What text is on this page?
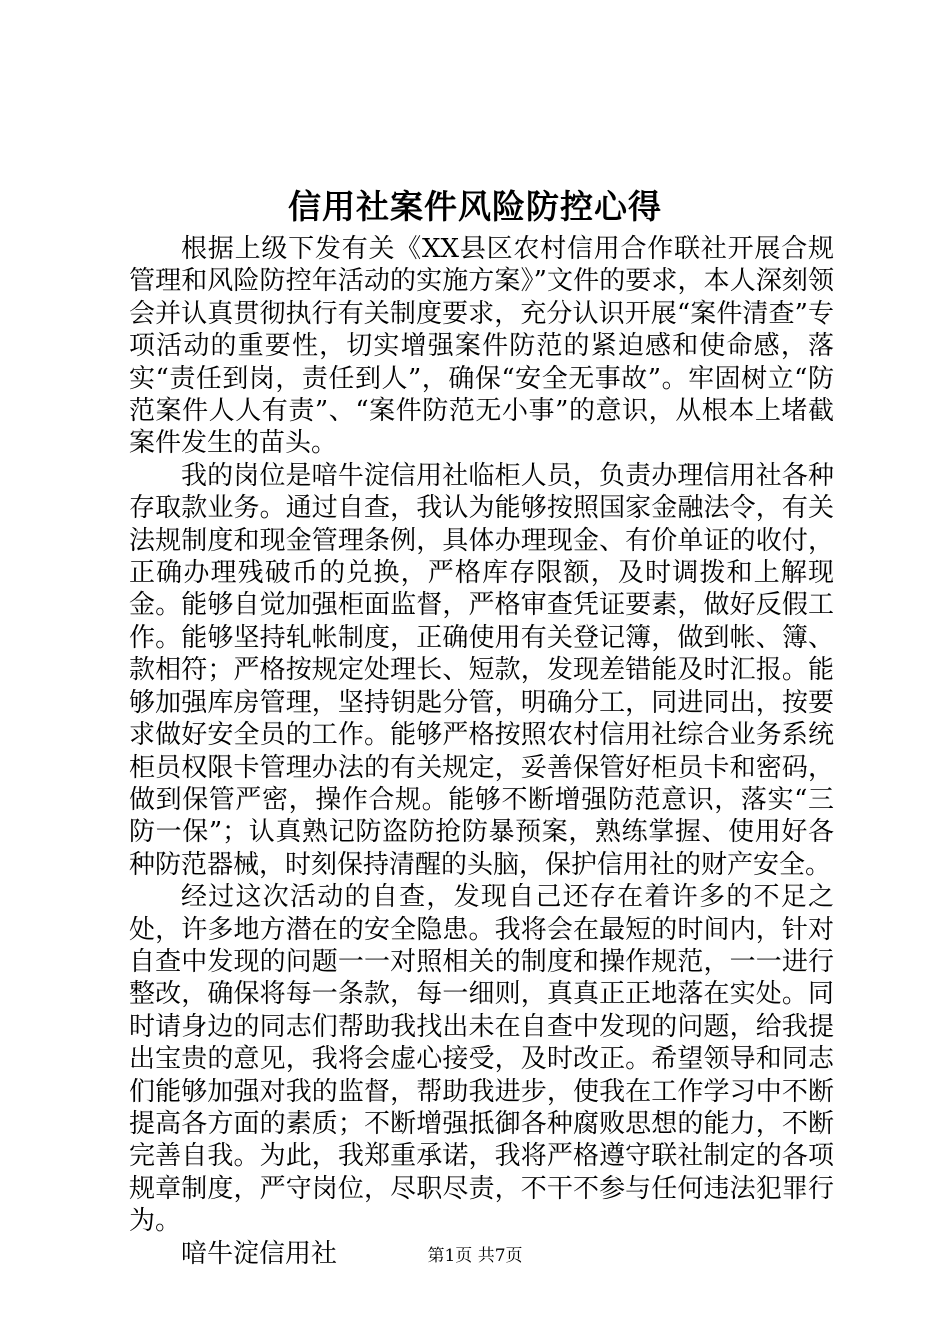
信用社案件风险防控心得

根据上级下发有关《XX县区农村信用合作联社开展合规管理和风险防控年活动的实施方案》”文件的要求，本人深刻领会并认真贯彻执行有关制度要求，充分认识开展“案件清查”专项活动的重要性，切实增强案件防范的紧迫感和使命感，落实“责任到岗，责任到人”，确保“安全无事故”。牢固树立“防范案件人人有责”、“案件防范无小事”的意识，从根本上堵截案件发生的苗头。

我的岗位是喑牛淀信用社临柜人员，负责办理信用社各种存取款业务。通过自查，我认为能够按照国家金融法令，有关法规制度和现金管理条例，具体办理现金、有价单证的收付，正确办理残破币的兑换，严格库存限额，及时调拨和上解现金。能够自觉加强柜面监督，严格审查凭证要素，做好反假工作。能够坚持轧帐制度，正确使用有关登记簿，做到帐、簿、款相符；严格按规定处理长、短款，发现差错能及时汇报。能够加强库房管理，坚持钥匙分管，明确分工，同进同出，按要求做好安全员的工作。能够严格按照农村信用社综合业务系统柜员权限卡管理办法的有关规定，妥善保管好柜员卡和密码，做到保管严密，操作合规。能够不断增强防范意识，落实“三防一保”；认真熟记防盗防抢防暴预案，熟练掌握、使用好各种防范器械，时刻保持清醒的头脑，保护信用社的财产安全。

经过这次活动的自查，发现自己还存在着许多的不足之处，许多地方潜在的安全隐患。我将会在最短的时间内，针对自查中发现的问题一一对照相关的制度和操作规范，一一进行整改，确保将每一条款，每一细则，真真正正地落在实处。同时请身边的同志们帮助我找出未在自查中发现的问题，给我提出宝贵的意见，我将会虚心接受，及时改正。希望领导和同志们能够加强对我的监督，帮助我进步，使我在工作学习中不断提高各方面的素质；不断增强抵御各种腐败思想的能力，不断完善自我。为此，我郑重承诺，我将严格遵守联社制定的各项规章制度，严守岗位，尽职尽责，不干不参与任何违法犯罪行为。

喑牛淀信用社	第1页 共7页
